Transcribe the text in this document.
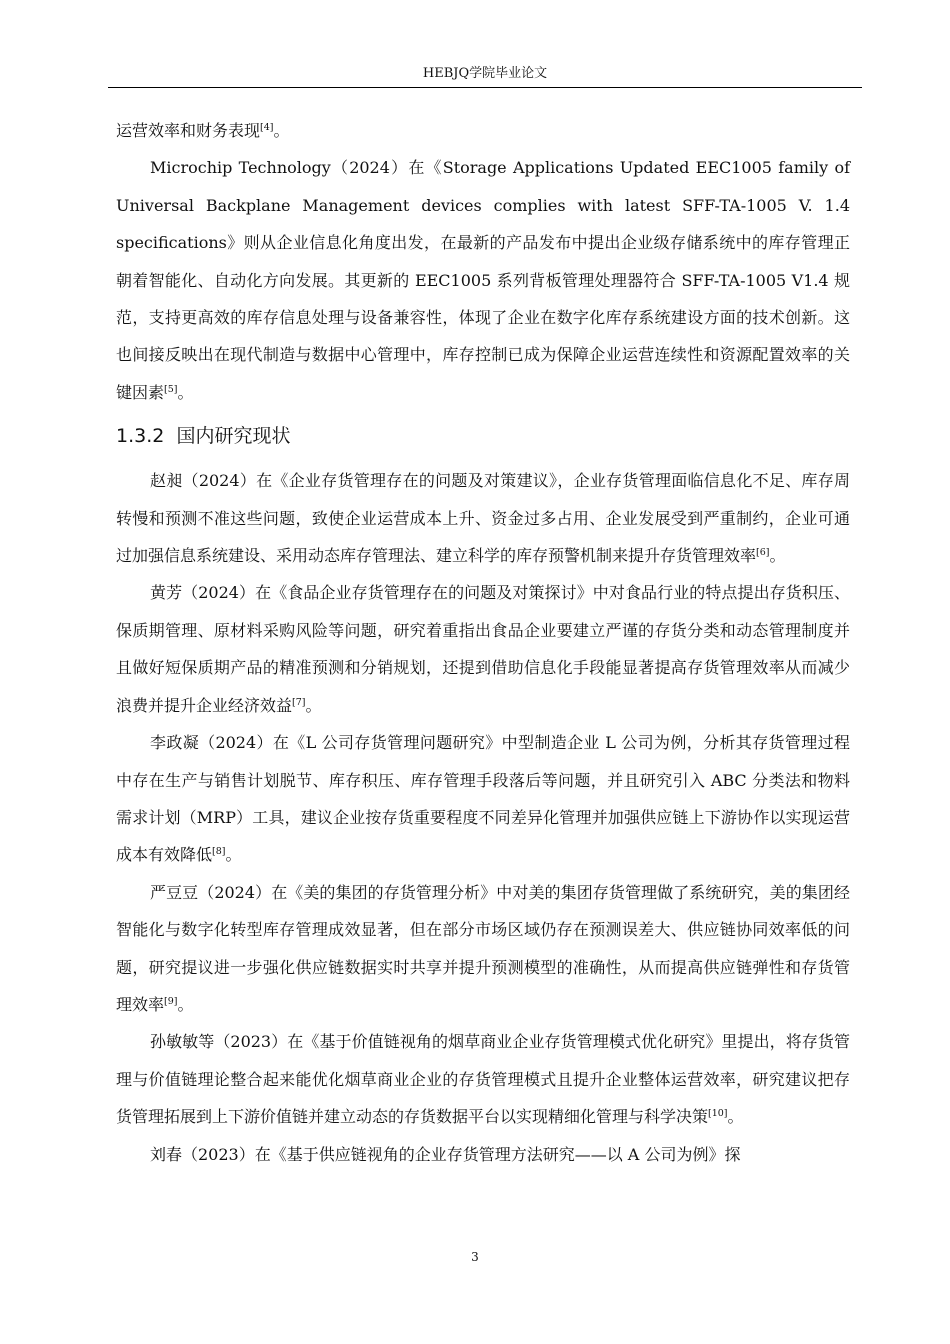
HEBJQ学院毕业论文

运营效率和财务表现[4]。

Microchip Technology（2024）在《Storage Applications Updated EEC1005 family of Universal Backplane Management devices complies with latest SFF-TA-1005 V. 1.4 specifications》则从企业信息化角度出发，在最新的产品发布中提出企业级存储系统中的库存管理正朝着智能化、自动化方向发展。其更新的 EEC1005 系列背板管理处理器符合 SFF-TA-1005 V1.4 规范，支持更高效的库存信息处理与设备兼容性，体现了企业在数字化库存系统建设方面的技术创新。这也间接反映出在现代制造与数据中心管理中，库存控制已成为保障企业运营连续性和资源配置效率的关键因素[5]。

1.3.2 国内研究现状

赵昶（2024）在《企业存货管理存在的问题及对策建议》，企业存货管理面临信息化不足、库存周转慢和预测不准这些问题，致使企业运营成本上升、资金过多占用、企业发展受到严重制约，企业可通过加强信息系统建设、采用动态库存管理法、建立科学的库存预警机制来提升存货管理效率[6]。

黄芳（2024）在《食品企业存货管理存在的问题及对策探讨》中对食品行业的特点提出存货积压、保质期管理、原材料采购风险等问题，研究着重指出食品企业要建立严谨的存货分类和动态管理制度并且做好短保质期产品的精准预测和分销规划，还提到借助信息化手段能显著提高存货管理效率从而减少浪费并提升企业经济效益[7]。

李政凝（2024）在《L 公司存货管理问题研究》中型制造企业 L 公司为例，分析其存货管理过程中存在生产与销售计划脱节、库存积压、库存管理手段落后等问题，并且研究引入 ABC 分类法和物料需求计划（MRP）工具，建议企业按存货重要程度不同差异化管理并加强供应链上下游协作以实现运营成本有效降低[8]。

严豆豆（2024）在《美的集团的存货管理分析》中对美的集团存货管理做了系统研究，美的集团经智能化与数字化转型库存管理成效显著，但在部分市场区域仍存在预测误差大、供应链协同效率低的问题，研究提议进一步强化供应链数据实时共享并提升预测模型的准确性，从而提高供应链弹性和存货管理效率[9]。

孙敏敏等（2023）在《基于价值链视角的烟草商业企业存货管理模式优化研究》里提出，将存货管理与价值链理论整合起来能优化烟草商业企业的存货管理模式且提升企业整体运营效率，研究建议把存货管理拓展到上下游价值链并建立动态的存货数据平台以实现精细化管理与科学决策[10]。

刘春（2023）在《基于供应链视角的企业存货管理方法研究——以 A 公司为例》探

3
